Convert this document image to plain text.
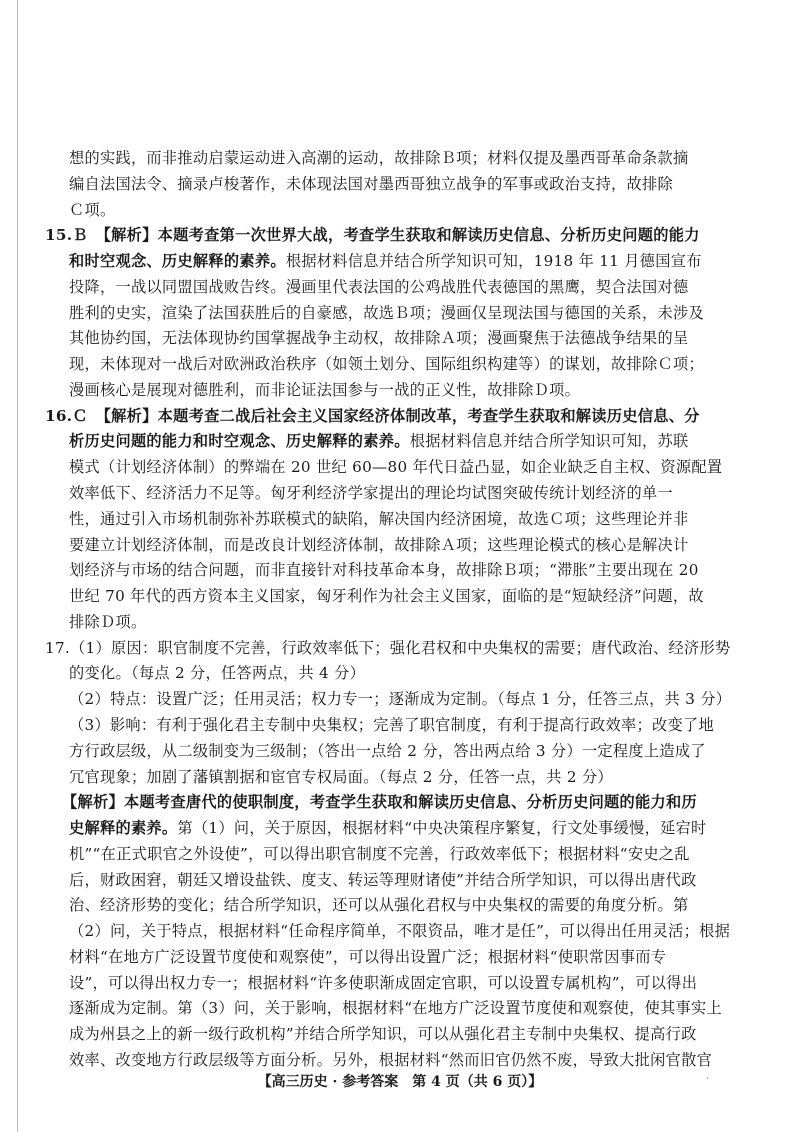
想的实践，而非推动启蒙运动进入高潮的运动，故排除Ｂ项；材料仅提及墨西哥革命条款摘

编自法国法令、摘录卢梭著作，未体现法国对墨西哥独立战争的军事或政治支持，故排除

Ｃ项。

15.Ｂ　【解析】本题考查第一次世界大战，考查学生获取和解读历史信息、分析历史问题的能力

和时空观念、历史解释的素养。根据材料信息并结合所学知识可知，1918 年 11 月德国宣布

投降，一战以同盟国战败告终。漫画里代表法国的公鸡战胜代表德国的黑鹰，契合法国对德

胜利的史实，渲染了法国获胜后的自豪感，故选Ｂ项；漫画仅呈现法国与德国的关系，未涉及

其他协约国，无法体现协约国掌握战争主动权，故排除Ａ项；漫画聚焦于法德战争结果的呈

现，未体现对一战后对欧洲政治秩序（如领土划分、国际组织构建等）的谋划，故排除Ｃ项；

漫画核心是展现对德胜利，而非论证法国参与一战的正义性，故排除Ｄ项。

16.Ｃ　【解析】本题考查二战后社会主义国家经济体制改革，考查学生获取和解读历史信息、分

析历史问题的能力和时空观念、历史解释的素养。根据材料信息并结合所学知识可知，苏联

模式（计划经济体制）的弊端在 20 世纪 60—80 年代日益凸显，如企业缺乏自主权、资源配置

效率低下、经济活力不足等。匈牙利经济学家提出的理论均试图突破传统计划经济的单一

性，通过引入市场机制弥补苏联模式的缺陷，解决国内经济困境，故选Ｃ项；这些理论并非

要建立计划经济体制，而是改良计划经济体制，故排除Ａ项；这些理论模式的核心是解决计

划经济与市场的结合问题，而非直接针对科技革命本身，故排除Ｂ项；“滞胀”主要出现在 20

世纪 70 年代的西方资本主义国家，匈牙利作为社会主义国家，面临的是“短缺经济”问题，故

排除Ｄ项。

17.（1）原因：职官制度不完善，行政效率低下；强化君权和中央集权的需要；唐代政治、经济形势

的变化。（每点 2 分，任答两点，共 4 分）

（2）特点：设置广泛；任用灵活；权力专一；逐渐成为定制。（每点 1 分，任答三点，共 3 分）

（3）影响：有利于强化君主专制中央集权；完善了职官制度，有利于提高行政效率；改变了地

方行政层级，从二级制变为三级制；（答出一点给 2 分，答出两点给 3 分）一定程度上造成了

冗官现象；加剧了藩镇割据和宦官专权局面。（每点 2 分，任答一点，共 2 分）

【解析】本题考查唐代的使职制度，考查学生获取和解读历史信息、分析历史问题的能力和历

史解释的素养。第（1）问，关于原因，根据材料“中央决策程序繁复，行文处事缓慢，延宕时

机”“在正式职官之外设使”，可以得出职官制度不完善，行政效率低下；根据材料“安史之乱

后，财政困窘，朝廷又增设盐铁、度支、转运等理财诸使”并结合所学知识，可以得出唐代政

治、经济形势的变化；结合所学知识，还可以从强化君权与中央集权的需要的角度分析。第

（2）问，关于特点，根据材料“任命程序简单，不限资品，唯才是任”，可以得出任用灵活；根据

材料“在地方广泛设置节度使和观察使”，可以得出设置广泛；根据材料“使职常因事而专

设”，可以得出权力专一；根据材料“许多使职渐成固定官职，可以设置专属机构”，可以得出

逐渐成为定制。第（3）问，关于影响，根据材料“在地方广泛设置节度使和观察使，使其事实上

成为州县之上的新一级行政机构”并结合所学知识，可以从强化君主专制中央集权、提高行政

效率、改变地方行政层级等方面分析。另外，根据材料“然而旧官仍然不废，导致大批闲官散官

【高三历史 · 参考答案　第 4 页（共 6 页）】	·
